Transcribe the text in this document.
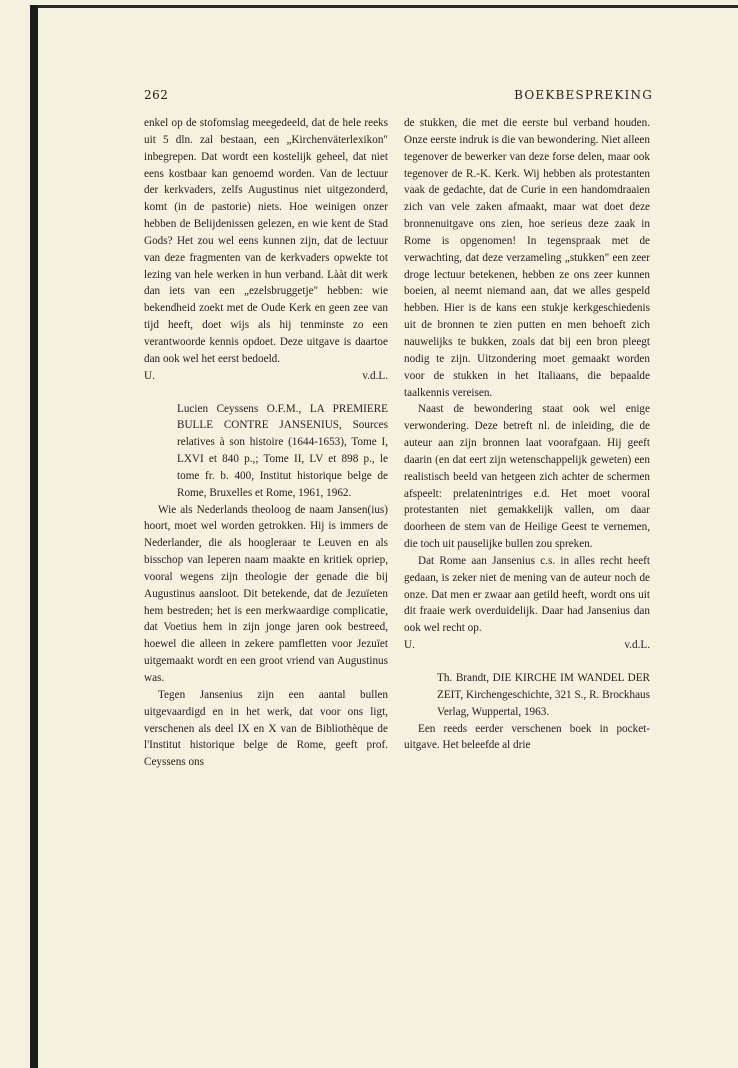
262	BOEKBESPREKING

enkel op de stofomslag meegedeeld, dat de hele reeks uit 5 dln. zal bestaan, een „Kirchenväterlexikon" inbegrepen. Dat wordt een kostelijk geheel, dat niet eens kostbaar kan genoemd worden. Van de lectuur der kerkvaders, zelfs Augustinus niet uitgezonderd, komt (in de pastorie) niets. Hoe weinigen onzer hebben de Belijdenissen gelezen, en wie kent de Stad Gods? Het zou wel eens kunnen zijn, dat de lectuur van deze fragmenten van de kerkvaders opwekte tot lezing van hele werken in hun verband. Lààt dit werk dan iets van een „ezelsbruggetje" hebben: wie bekendheid zoekt met de Oude Kerk en geen zee van tijd heeft, doet wijs als hij tenminste zo een verantwoorde kennis opdoet. Deze uitgave is daartoe dan ook wel het eerst bedoeld.

U.	v.d.L.

Lucien Ceyssens O.F.M., LA PREMIERE BULLE CONTRE JANSENIUS, Sources relatives à son histoire (1644-1653), Tome I, LXVI et 840 p.,; Tome II, LV et 898 p., le tome fr. b. 400, Institut historique belge de Rome, Bruxelles et Rome, 1961, 1962.

Wie als Nederlands theoloog de naam Jansen(ius) hoort, moet wel worden getrokken. Hij is immers de Nederlander, die als hoogleraar te Leuven en als bisschop van Ieperen naam maakte en kritiek opriep, vooral wegens zijn theologie der genade die bij Augustinus aansloot. Dit betekende, dat de Jezuïeten hem bestreden; het is een merkwaardige complicatie, dat Voetius hem in zijn jonge jaren ook bestreed, hoewel die alleen in zekere pamfletten voor Jezuïet uitgemaakt wordt en een groot vriend van Augustinus was.

Tegen Jansenius zijn een aantal bullen uitgevaardigd en in het werk, dat voor ons ligt, verschenen als deel IX en X van de Bibliothèque de l'Institut historique belge de Rome, geeft prof. Ceyssens ons

de stukken, die met die eerste bul verband houden. Onze eerste indruk is die van bewondering. Niet alleen tegenover de bewerker van deze forse delen, maar ook tegenover de R.-K. Kerk. Wij hebben als protestanten vaak de gedachte, dat de Curie in een handomdraaien zich van vele zaken afmaakt, maar wat doet deze bronnenuitgave ons zien, hoe serieus deze zaak in Rome is opgenomen! In tegenspraak met de verwachting, dat deze verzameling „stukken" een zeer droge lectuur betekenen, hebben ze ons zeer kunnen boeien, al neemt niemand aan, dat we alles gespeld hebben. Hier is de kans een stukje kerkgeschiedenis uit de bronnen te zien putten en men behoeft zich nauwelijks te bukken, zoals dat bij een bron pleegt nodig te zijn. Uitzondering moet gemaakt worden voor de stukken in het Italiaans, die bepaalde taalkennis vereisen.

Naast de bewondering staat ook wel enige verwondering. Deze betreft nl. de inleiding, die de auteur aan zijn bronnen laat voorafgaan. Hij geeft daarin (en dat eert zijn wetenschappelijk geweten) een realistisch beeld van hetgeen zich achter de schermen afspeelt: prelatenintriges e.d. Het moet vooral protestanten niet gemakkelijk vallen, om daar doorheen de stem van de Heilige Geest te vernemen, die toch uit pauselijke bullen zou spreken.

Dat Rome aan Jansenius c.s. in alles recht heeft gedaan, is zeker niet de mening van de auteur noch de onze. Dat men er zwaar aan getild heeft, wordt ons uit dit fraaie werk overduidelijk. Daar had Jansenius dan ook wel recht op.

U.	v.d.L.

Th. Brandt, DIE KIRCHE IM WANDEL DER ZEIT, Kirchengeschichte, 321 S., R. Brockhaus Verlag, Wuppertal, 1963.

Een reeds eerder verschenen boek in pocket-uitgave. Het beleefde al drie
